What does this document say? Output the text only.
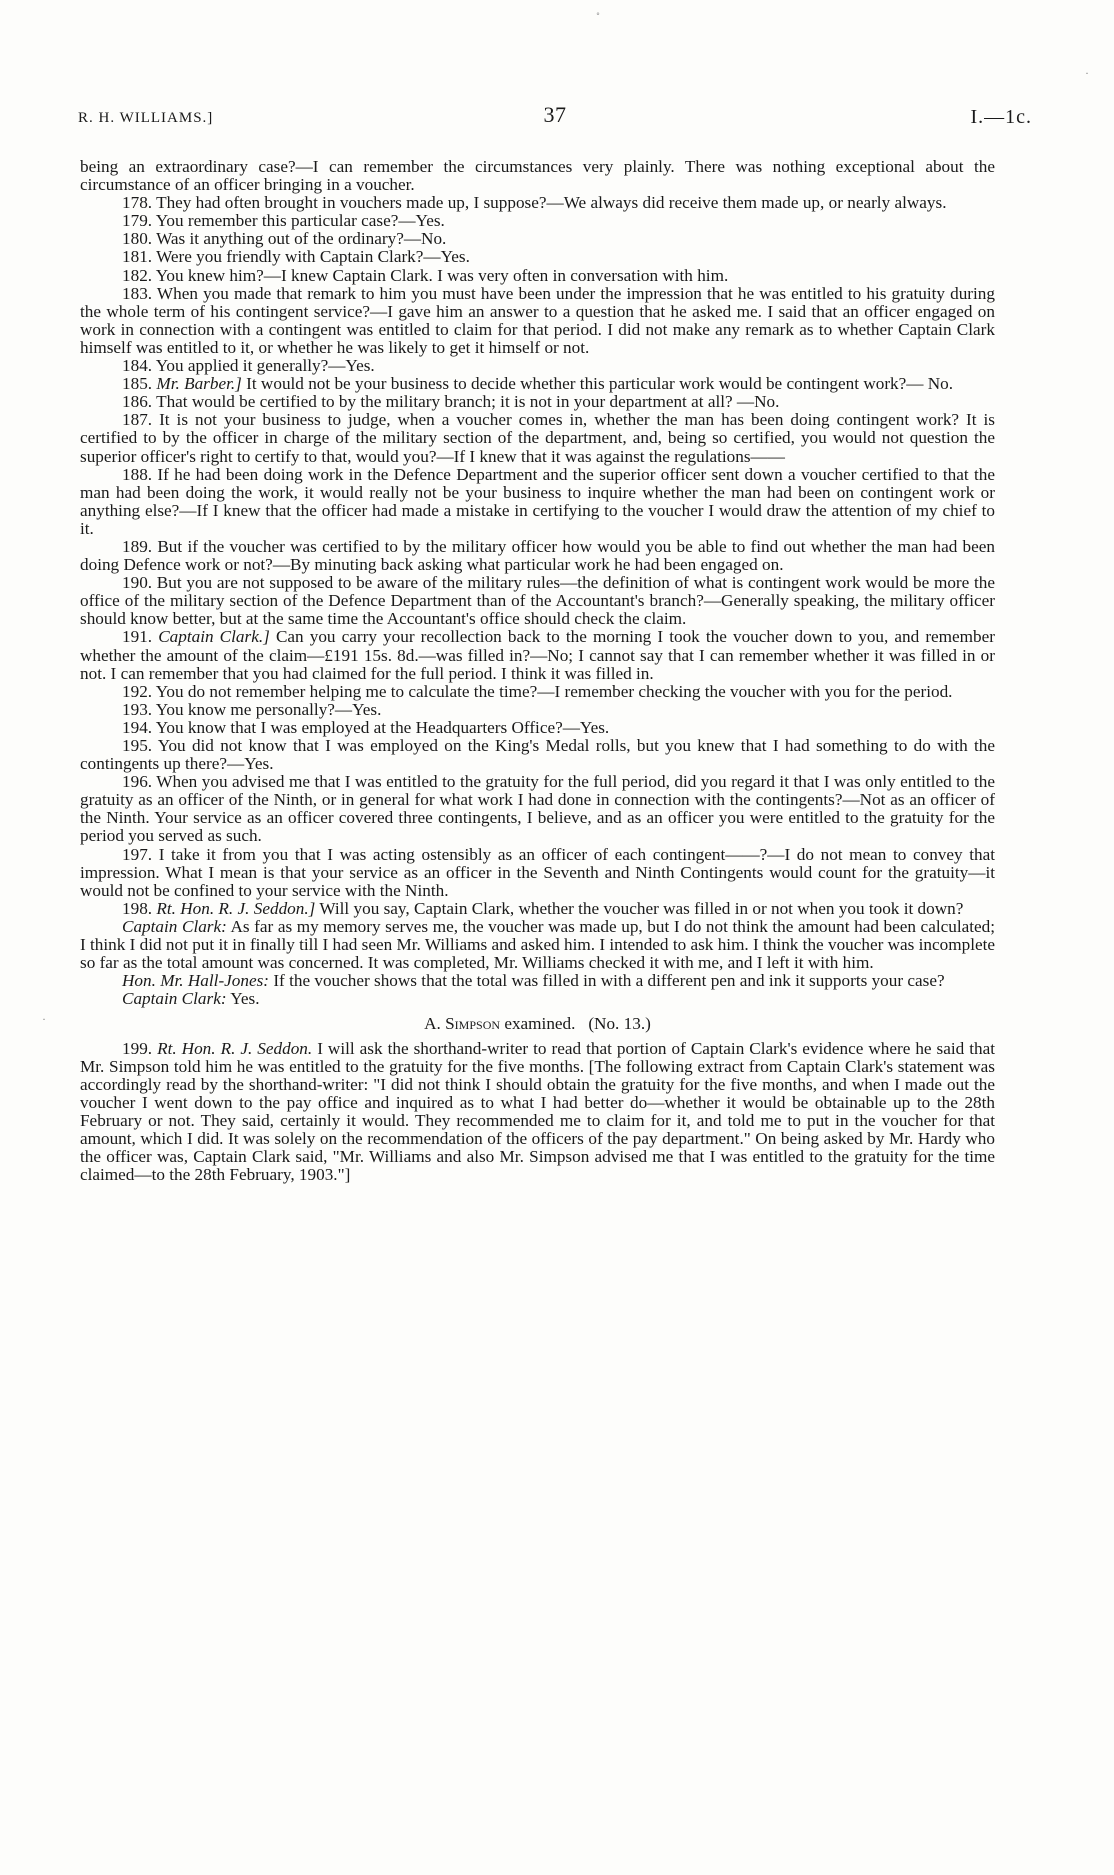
˚
·
·
R. H. WILLIAMS.]	37	I.—1c.

being an extraordinary case?—I can remember the circumstances very plainly. There was nothing exceptional about the circumstance of an officer bringing in a voucher.

178. They had often brought in vouchers made up, I suppose?—We always did receive them made up, or nearly always.

179. You remember this particular case?—Yes.

180. Was it anything out of the ordinary?—No.

181. Were you friendly with Captain Clark?—Yes.

182. You knew him?—I knew Captain Clark. I was very often in conversation with him.

183. When you made that remark to him you must have been under the impression that he was entitled to his gratuity during the whole term of his contingent service?—I gave him an answer to a question that he asked me. I said that an officer engaged on work in connection with a contingent was entitled to claim for that period. I did not make any remark as to whether Captain Clark himself was entitled to it, or whether he was likely to get it himself or not.

184. You applied it generally?—Yes.

185. Mr. Barber.] It would not be your business to decide whether this particular work would be contingent work?— No.

186. That would be certified to by the military branch; it is not in your department at all? —No.

187. It is not your business to judge, when a voucher comes in, whether the man has been doing contingent work? It is certified to by the officer in charge of the military section of the department, and, being so certified, you would not question the superior officer's right to certify to that, would you?—If I knew that it was against the regulations——

188. If he had been doing work in the Defence Department and the superior officer sent down a voucher certified to that the man had been doing the work, it would really not be your business to inquire whether the man had been on contingent work or anything else?—If I knew that the officer had made a mistake in certifying to the voucher I would draw the attention of my chief to it.

189. But if the voucher was certified to by the military officer how would you be able to find out whether the man had been doing Defence work or not?—By minuting back asking what particular work he had been engaged on.

190. But you are not supposed to be aware of the military rules—the definition of what is contingent work would be more the office of the military section of the Defence Department than of the Accountant's branch?—Generally speaking, the military officer should know better, but at the same time the Accountant's office should check the claim.

191. Captain Clark.] Can you carry your recollection back to the morning I took the voucher down to you, and remember whether the amount of the claim—£191 15s. 8d.—was filled in?—No; I cannot say that I can remember whether it was filled in or not. I can remember that you had claimed for the full period. I think it was filled in.

192. You do not remember helping me to calculate the time?—I remember checking the voucher with you for the period.

193. You know me personally?—Yes.

194. You know that I was employed at the Headquarters Office?—Yes.

195. You did not know that I was employed on the King's Medal rolls, but you knew that I had something to do with the contingents up there?—Yes.

196. When you advised me that I was entitled to the gratuity for the full period, did you regard it that I was only entitled to the gratuity as an officer of the Ninth, or in general for what work I had done in connection with the contingents?—Not as an officer of the Ninth. Your service as an officer covered three contingents, I believe, and as an officer you were entitled to the gratuity for the period you served as such.

197. I take it from you that I was acting ostensibly as an officer of each contingent——?—I do not mean to convey that impression. What I mean is that your service as an officer in the Seventh and Ninth Contingents would count for the gratuity—it would not be confined to your service with the Ninth.

198. Rt. Hon. R. J. Seddon.] Will you say, Captain Clark, whether the voucher was filled in or not when you took it down?

Captain Clark: As far as my memory serves me, the voucher was made up, but I do not think the amount had been calculated; I think I did not put it in finally till I had seen Mr. Williams and asked him. I intended to ask him. I think the voucher was incomplete so far as the total amount was concerned. It was completed, Mr. Williams checked it with me, and I left it with him.

Hon. Mr. Hall-Jones: If the voucher shows that the total was filled in with a different pen and ink it supports your case?

Captain Clark: Yes.

A. Simpson examined. (No. 13.)

199. Rt. Hon. R. J. Seddon. I will ask the shorthand-writer to read that portion of Captain Clark's evidence where he said that Mr. Simpson told him he was entitled to the gratuity for the five months. [The following extract from Captain Clark's statement was accordingly read by the shorthand-writer: "I did not think I should obtain the gratuity for the five months, and when I made out the voucher I went down to the pay office and inquired as to what I had better do—whether it would be obtainable up to the 28th February or not. They said, certainly it would. They recommended me to claim for it, and told me to put in the voucher for that amount, which I did. It was solely on the recommendation of the officers of the pay department." On being asked by Mr. Hardy who the officer was, Captain Clark said, "Mr. Williams and also Mr. Simpson advised me that I was entitled to the gratuity for the time claimed—to the 28th February, 1903."]
